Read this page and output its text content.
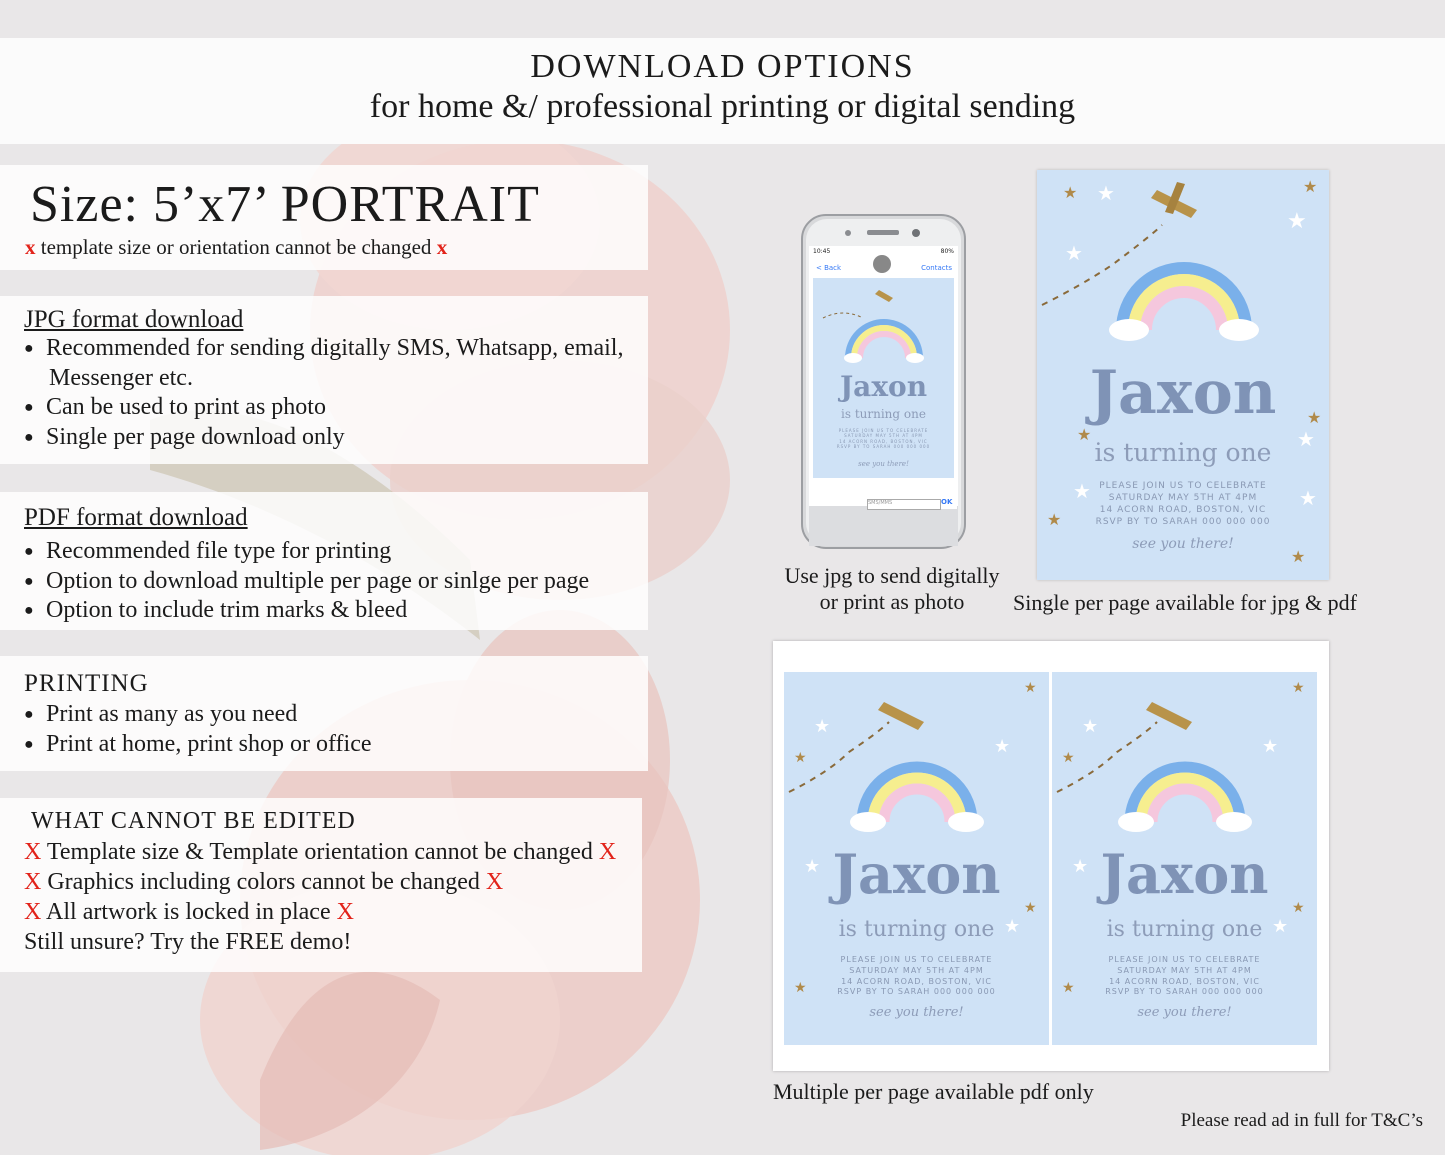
DOWNLOAD OPTIONS
for home &/ professional printing or digital sending
Size: 5’x7’ PORTRAIT
x template size or orientation cannot be changed x
JPG format download
● Recommended for sending digitally SMS, Whatsapp, email,
Messenger etc.
● Can be used to print as photo
● Single per page download only
PDF format download
● Recommended file type for printing
● Option to download multiple per page or sinlge per page
● Option to include trim marks & bleed
PRINTING
● Print as many as you need
● Print at home, print shop or office
WHAT CANNOT BE EDITED
X Template size & Template orientation cannot be changed X
X Graphics including colors cannot be changed X
X All artwork is locked in place X
Still unsure? Try the FREE demo!
10:45	80%
< Back	Contacts
Jaxon
is turning one
PLEASE JOIN US TO CELEBRATE
SATURDAY MAY 5TH AT 4PM
14 ACORN ROAD, BOSTON, VIC
RSVP BY TO SARAH 000 000 000
see you there!
SMS/MMS	OK
Use jpg to send digitally
or print as photo
★	★
★
★
★
★
★
★
★
★
★	★
Jaxon
is turning one
PLEASE JOIN US TO CELEBRATE
SATURDAY MAY 5TH AT 4PM
14 ACORN ROAD, BOSTON, VIC
RSVP BY TO SARAH 000 000 000
see you there!
Single per page available for jpg & pdf
★
★
★
★
★
★
★
★
Jaxon
is turning one
PLEASE JOIN US TO CELEBRATE
SATURDAY MAY 5TH AT 4PM
14 ACORN ROAD, BOSTON, VIC
RSVP BY TO SARAH 000 000 000
see you there!
★
★
★
★
★
★
★
★
Jaxon
is turning one
PLEASE JOIN US TO CELEBRATE
SATURDAY MAY 5TH AT 4PM
14 ACORN ROAD, BOSTON, VIC
RSVP BY TO SARAH 000 000 000
see you there!
Multiple per page available pdf only
Please read ad in full for T&C’s
